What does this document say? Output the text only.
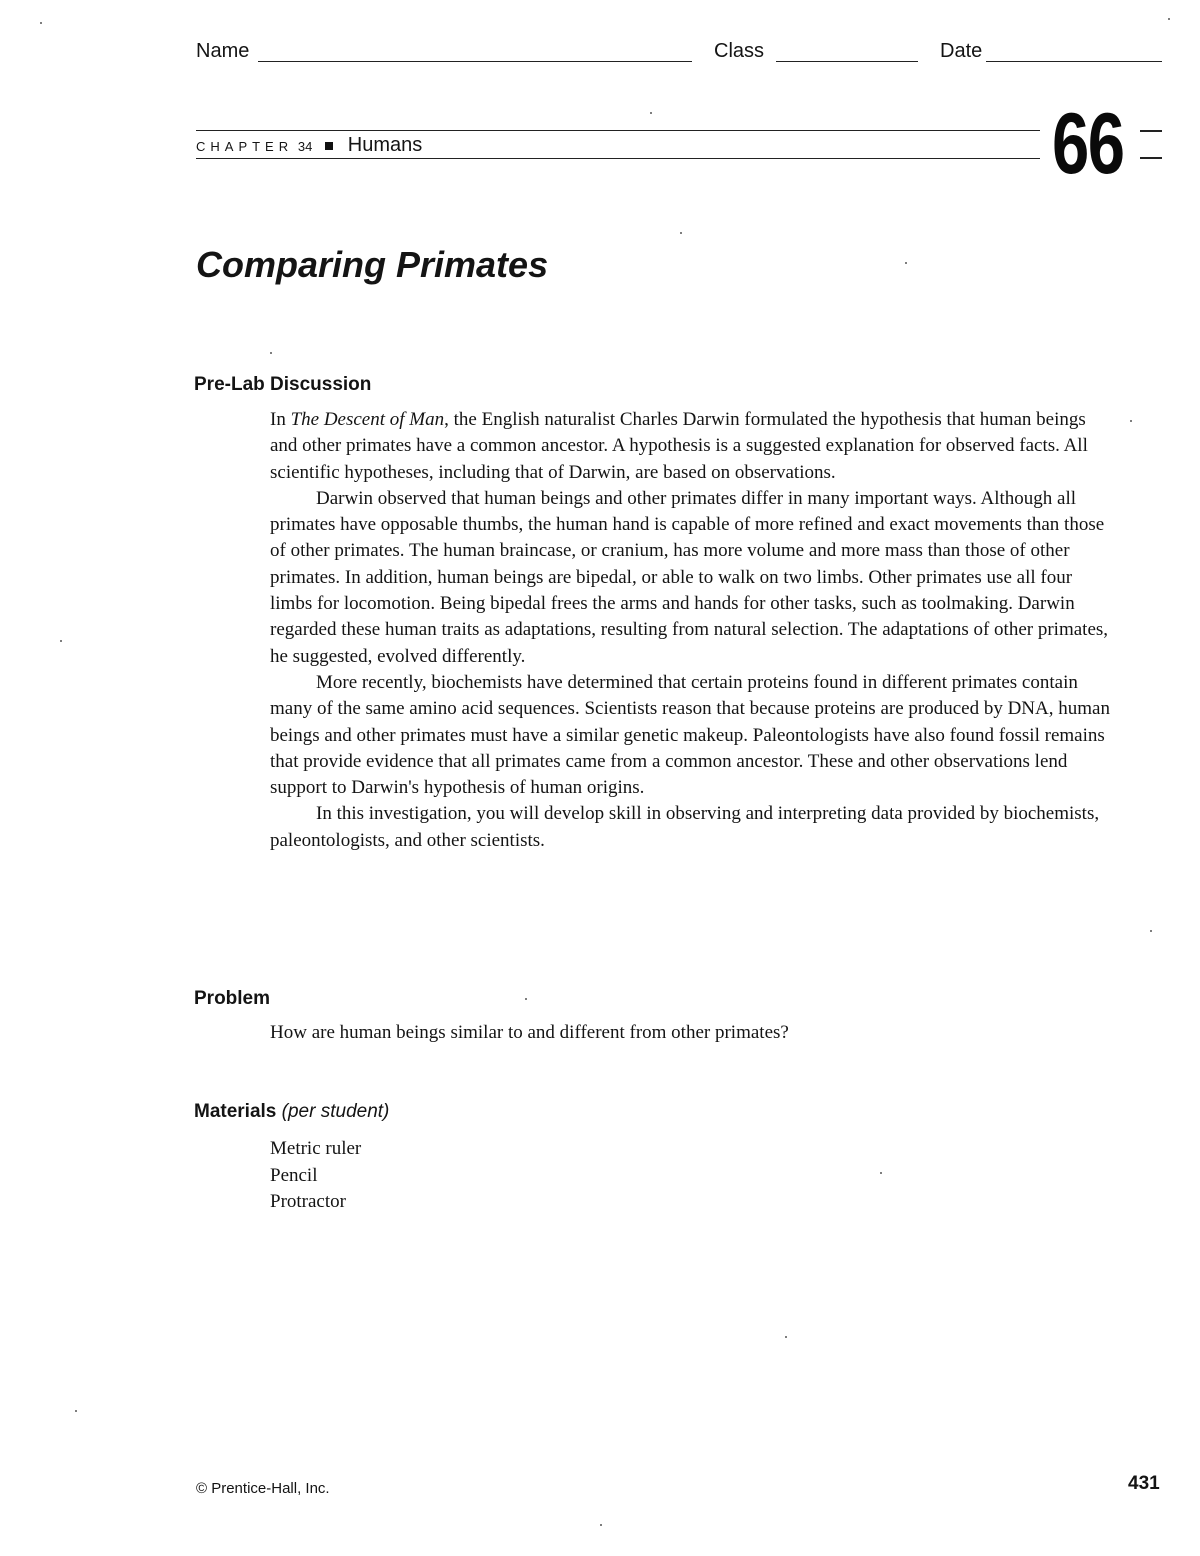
Name	Class	Date
CHAPTER 34 Humans	66
Comparing Primates
Pre-Lab Discussion

In The Descent of Man, the English naturalist Charles Darwin formulated the hypothesis that human beings and other primates have a common ancestor. A hypothesis is a suggested explanation for observed facts. All scientific hypotheses, including that of Darwin, are based on observations.

Darwin observed that human beings and other primates differ in many important ways. Although all primates have opposable thumbs, the human hand is capable of more refined and exact movements than those of other primates. The human braincase, or cranium, has more volume and more mass than those of other primates. In addition, human beings are bipedal, or able to walk on two limbs. Other primates use all four limbs for locomotion. Being bipedal frees the arms and hands for other tasks, such as toolmaking. Darwin regarded these human traits as adaptations, resulting from natural selection. The adaptations of other primates, he suggested, evolved differently.

More recently, biochemists have determined that certain proteins found in different primates contain many of the same amino acid sequences. Scientists reason that because proteins are produced by DNA, human beings and other primates must have a similar genetic makeup. Paleontologists have also found fossil remains that provide evidence that all primates came from a common ancestor. These and other observations lend support to Darwin's hypothesis of human origins.

In this investigation, you will develop skill in observing and interpreting data provided by biochemists, paleontologists, and other scientists.

Problem
How are human beings similar to and different from other primates?
Materials (per student)
Metric ruler
Pencil
Protractor
© Prentice-Hall, Inc.	431
